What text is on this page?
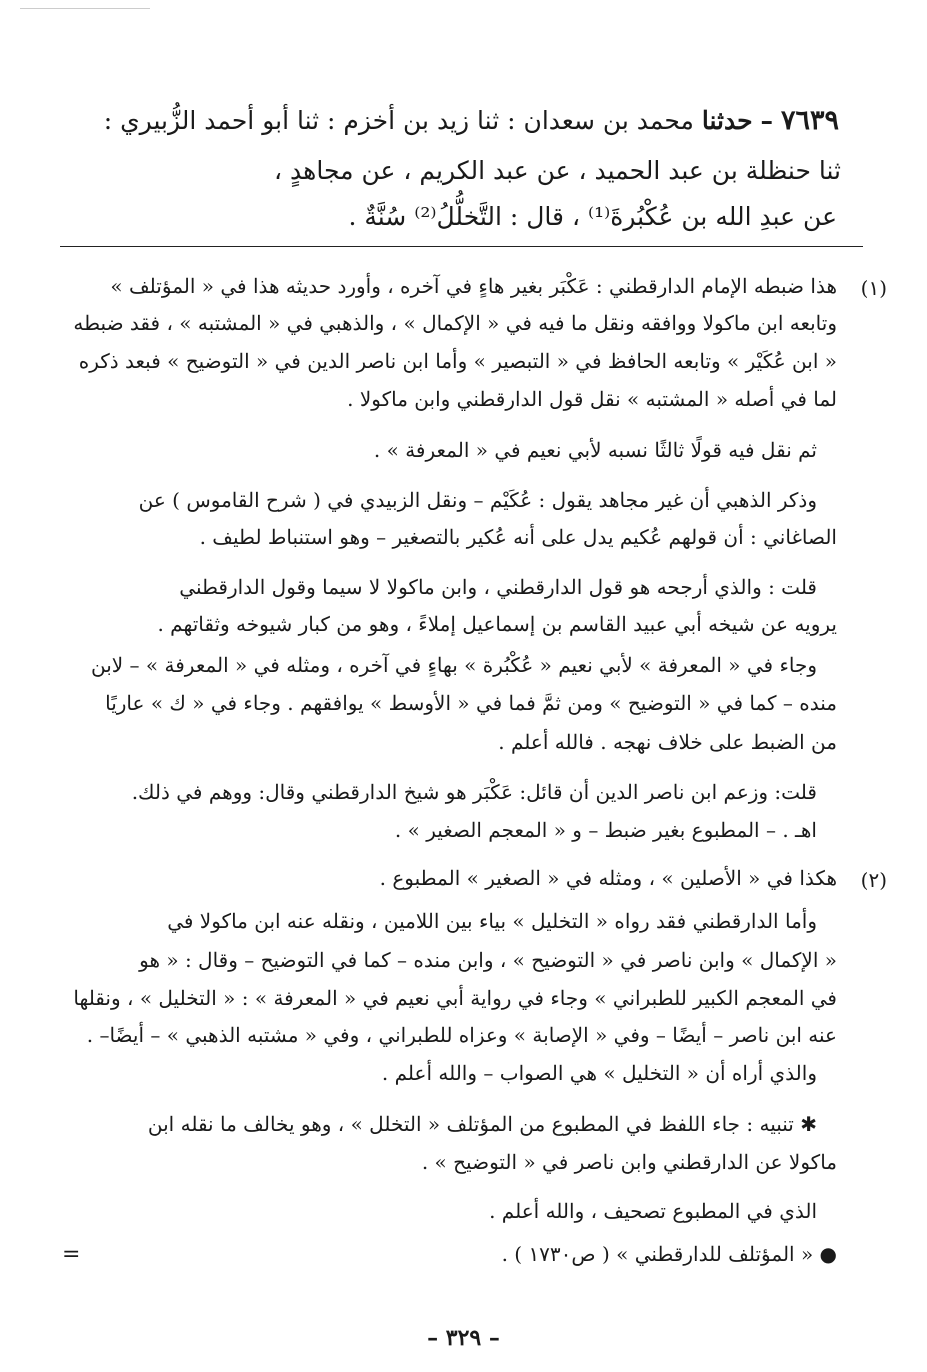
٧٦٣٩ – حدثنا محمد بن سعدان : ثنا زيد بن أخزم : ثنا أبو أحمد الزُّبيري :
ثنا حنظلة بن عبد الحميد ، عن عبد الكريم ، عن مجاهدٍ ،
عن عبدِ الله بن عُكْبُرةَ⁽¹⁾ ، قال : التَّخلُّلُ⁽²⁾ سُنَّةٌ .
(١)
(٢)
هذا ضبطه الإمام الدارقطني : عَكْبَر بغير هاءٍ في آخره ، وأورد حديثه هذا في « المؤتلف »
وتابعه ابن ماكولا ووافقه ونقل ما فيه في « الإكمال » ، والذهبي في « المشتبه » ، فقد ضبطه
« ابن عُكَيْر » وتابعه الحافظ في « التبصير » وأما ابن ناصر الدين في « التوضيح » فبعد ذكره
لما في أصله « المشتبه » نقل قول الدارقطني وابن ماكولا .
ثم نقل فيه قولًا ثالثًا نسبه لأبي نعيم في « المعرفة » .
وذكر الذهبي أن غير مجاهد يقول : عُكَيْم – ونقل الزبيدي في ( شرح القاموس ) عن
الصاغاني : أن قولهم عُكيم يدل على أنه عُكير بالتصغير – وهو استنباط لطيف .
قلت : والذي أرجحه هو قول الدارقطني ، وابن ماكولا لا سيما وقول الدارقطني
يرويه عن شيخه أبي عبيد القاسم بن إسماعيل إملاءً ، وهو من كبار شيوخه وثقاتهم .
وجاء في « المعرفة » لأبي نعيم « عُكْبُرة » بهاءٍ في آخره ، ومثله في « المعرفة » – لابن
منده – كما في « التوضيح » ومن ثمَّ فما في « الأوسط » يوافقهم . وجاء في « ك » عاريًا
من الضبط على خلاف نهجه . فالله أعلم .
قلت: وزعم ابن ناصر الدين أن قائل: عَكْبَر هو شيخ الدارقطني وقال: ووهم في ذلك.
اهـ . – المطبوع بغير ضبط – و « المعجم الصغير » .
هكذا في « الأصلين » ، ومثله في « الصغير » المطبوع .
وأما الدارقطني فقد رواه « التخليل » بياء بين اللامين ، ونقله عنه ابن ماكولا في
« الإكمال » وابن ناصر في « التوضيح » ، وابن منده – كما في التوضيح – وقال : « هو
في المعجم الكبير للطبراني » وجاء في رواية أبي نعيم في « المعرفة » : « التخليل » ، ونقلها
عنه ابن ناصر – أيضًا – وفي « الإصابة » وعزاه للطبراني ، وفي « مشتبه الذهبي » – أيضًا– .
والذي أراه أن « التخليل » هي الصواب – والله أعلم .
✱ تنبيه : جاء اللفظ في المطبوع من المؤتلف « التخلل » ، وهو يخالف ما نقله ابن
ماكولا عن الدارقطني وابن ناصر في « التوضيح » .
الذي في المطبوع تصحيف ، والله أعلم .
● « المؤتلف للدارقطني » ( ص١٧٣٠ ) .
=
– ٣٢٩ –
